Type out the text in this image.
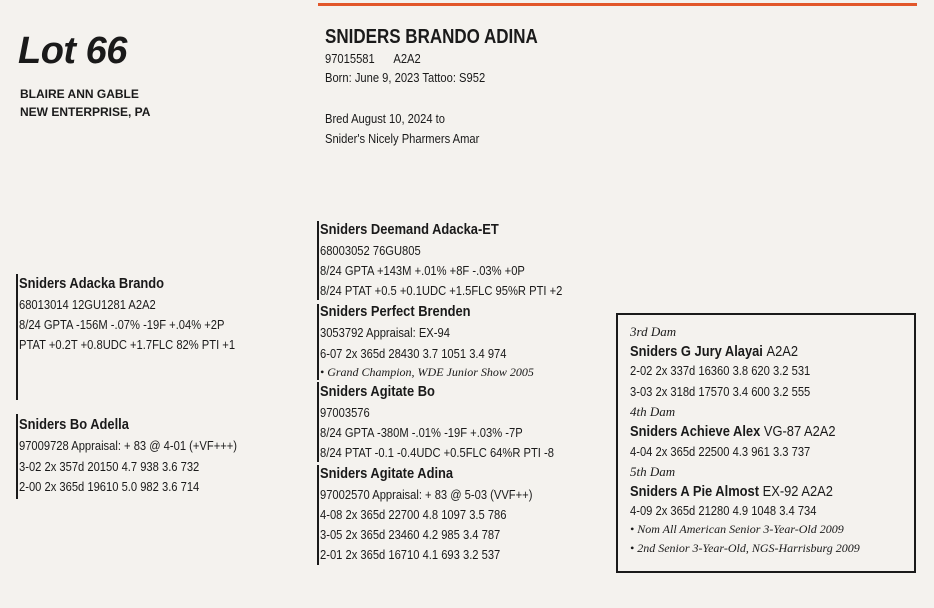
Lot 66
BLAIRE ANN GABLE
NEW ENTERPRISE, PA
SNIDERS BRANDO ADINA
97015581 A2A2
Born: June 9, 2023 Tattoo: S952
Bred August 10, 2024 to
Snider's Nicely Pharmers Amar
Sniders Adacka Brando
68013014 12GU1281 A2A2
8/24 GPTA -156M -.07% -19F +.04% +2P
PTAT +0.2T +0.8UDC +1.7FLC 82% PTI +1
Sniders Deemand Adacka-ET
68003052 76GU805
8/24 GPTA +143M +.01% +8F -.03% +0P
8/24 PTAT +0.5 +0.1UDC +1.5FLC 95%R PTI +2
Sniders Perfect Brenden
3053792 Appraisal: EX-94
6-07 2x 365d 28430 3.7 1051 3.4 974
• Grand Champion, WDE Junior Show 2005
Sniders Bo Adella
97009728 Appraisal: + 83 @ 4-01 (+VF+++)
3-02 2x 357d 20150 4.7 938 3.6 732
2-00 2x 365d 19610 5.0 982 3.6 714
Sniders Agitate Bo
97003576
8/24 GPTA -380M -.01% -19F +.03% -7P
8/24 PTAT -0.1 -0.4UDC +0.5FLC 64%R PTI -8
Sniders Agitate Adina
97002570 Appraisal: + 83 @ 5-03 (VVF++)
4-08 2x 365d 22700 4.8 1097 3.5 786
3-05 2x 365d 23460 4.2 985 3.4 787
2-01 2x 365d 16710 4.1 693 3.2 537
3rd Dam
Sniders G Jury Alayai A2A2
2-02 2x 337d 16360 3.8 620 3.2 531
3-03 2x 318d 17570 3.4 600 3.2 555
4th Dam
Sniders Achieve Alex VG-87 A2A2
4-04 2x 365d 22500 4.3 961 3.3 737
5th Dam
Sniders A Pie Almost EX-92 A2A2
4-09 2x 365d 21280 4.9 1048 3.4 734
• Nom All American Senior 3-Year-Old 2009
• 2nd Senior 3-Year-Old, NGS-Harrisburg 2009
